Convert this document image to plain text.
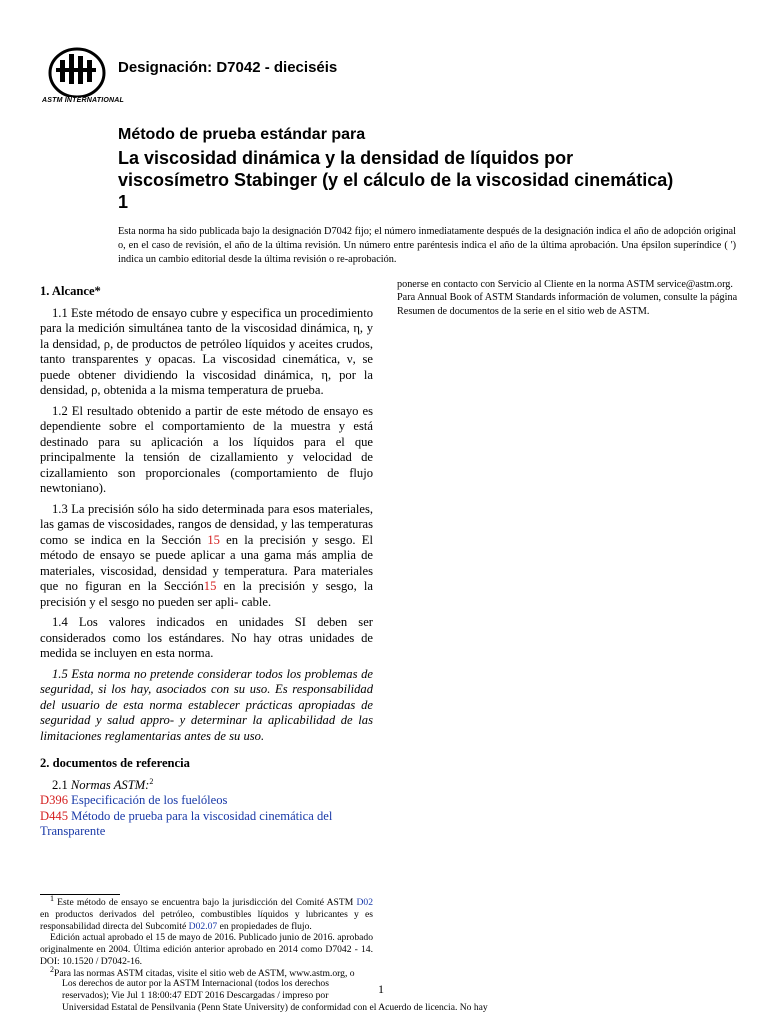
ASTM INTERNATIONAL
Designación: D7042 - dieciséis
Método de prueba estándar para
La viscosidad dinámica y la densidad de líquidos por
viscosímetro Stabinger (y el cálculo de la viscosidad cinemática)
1
Esta norma ha sido publicada bajo la designación D7042 fijo; el número inmediatamente después de la designación indica el año de adopción original o, en el caso de revisión, el año de la última revisión. Un número entre paréntesis indica el año de la última aprobación. Una épsilon superíndice ( ') indica un cambio editorial desde la última revisión o re-aprobación.
1. Alcance*

1.1 Este método de ensayo cubre y especifica un procedimiento para la medición simultánea tanto de la viscosidad dinámica, η, y la densidad, ρ, de productos de petróleo líquidos y aceites crudos, tanto transparentes y opacas. La viscosidad cinemática, ν, se puede obtener dividiendo la viscosidad dinámica, η, por la densidad, ρ, obtenida a la misma temperatura de prueba.

1.2 El resultado obtenido a partir de este método de ensayo es dependiente sobre el comportamiento de la muestra y está destinado para su aplicación a los líquidos para el que principalmente la tensión de cizallamiento y velocidad de cizallamiento son proporcionales (comportamiento de flujo newtoniano).

1.3 La precisión sólo ha sido determinada para esos materiales, las gamas de viscosidades, rangos de densidad, y las temperaturas como se indica en la Sección 15 en la precisión y sesgo. El método de ensayo se puede aplicar a una gama más amplia de materiales, viscosidad, densidad y temperatura. Para materiales que no figuran en la Sección15 en la precisión y sesgo, la precisión y el sesgo no pueden ser apli- cable.

1.4 Los valores indicados en unidades SI deben ser considerados como los estándares. No hay otras unidades de medida se incluyen en esta norma.

1.5 Esta norma no pretende considerar todos los problemas de seguridad, si los hay, asociados con su uso. Es responsabilidad del usuario de esta norma establecer prácticas apropiadas de seguridad y salud appro- y determinar la aplicabilidad de las limitaciones reglamentarias antes de su uso.

2. documentos de referencia

2.1 Normas ASTM:$^2$

D396 Especificación de los fuelóleos

D445 Método de prueba para la viscosidad cinemática del

Transparente

ponerse en contacto con Servicio al Cliente en la norma ASTM service@astm.org. Para Annual Book of ASTM Standards información de volumen, consulte la página Resumen de documentos de la serie en el sitio web de ASTM.

$^1$ Este método de ensayo se encuentra bajo la jurisdicción del Comité ASTM D02 en productos derivados del petróleo, combustibles líquidos y lubricantes y es responsabilidad directa del Subcomité D02.07 en propiedades de flujo.

Edición actual aprobado el 15 de mayo de 2016. Publicado junio de 2016. aprobado originalmente en 2004. Última edición anterior aprobado en 2014 como D7042 - 14. DOI: 10.1520 / D7042-16.

$^2$Para las normas ASTM citadas, visite el sitio web de ASTM, www.astm.org, o

Los derechos de autor por la ASTM Internacional (todos los derechos
reservados); Vie Jul 1 18:00:47 EDT 2016 Descargadas / impreso por
Universidad Estatal de Pensilvania (Penn State University) de conformidad con el Acuerdo de licencia. No hay
1
